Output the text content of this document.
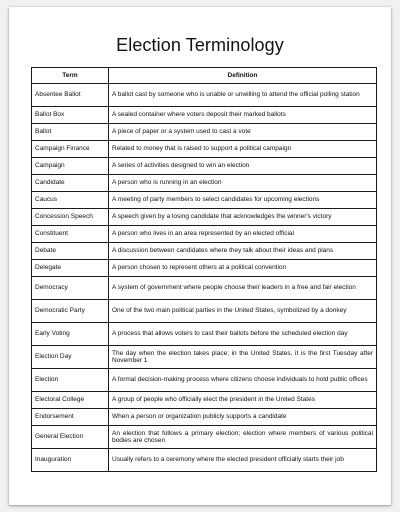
Election Terminology
Term	Definition
Absentee Ballot	A ballot cast by someone who is unable or unwilling to attend the official polling station
Ballot Box	A sealed container where voters deposit their marked ballots
Ballot	A piece of paper or a system used to cast a vote
Campaign Finance	Related to money that is raised to support a political campaign
Campaign	A series of activities designed to win an election
Candidate	A person who is running in an election
Caucus	A meeting of party members to select candidates for upcoming elections
Concession Speech	A speech given by a losing candidate that acknowledges the winner's victory
Constituent	A person who lives in an area represented by an elected official
Debate	A discussion between candidates where they talk about their ideas and plans
Delegate	A person chosen to represent others at a political convention
Democracy	A system of government where people choose their leaders in a free and fair election
Democratic Party	One of the two main political parties in the United States, symbolized by a donkey
Early Voting	A process that allows voters to cast their ballots before the scheduled election day
Election Day	The day when the election takes place; in the United States, it is the first Tuesday after November 1
Election	A formal decision-making process where citizens choose individuals to hold public offices
Electoral College	A group of people who officially elect the president in the United States
Endorsement	When a person or organization publicly supports a candidate
General Election	An election that follows a primary election; election where members of various political bodies are chosen
Inauguration	Usually refers to a ceremony where the elected president officially starts their job
